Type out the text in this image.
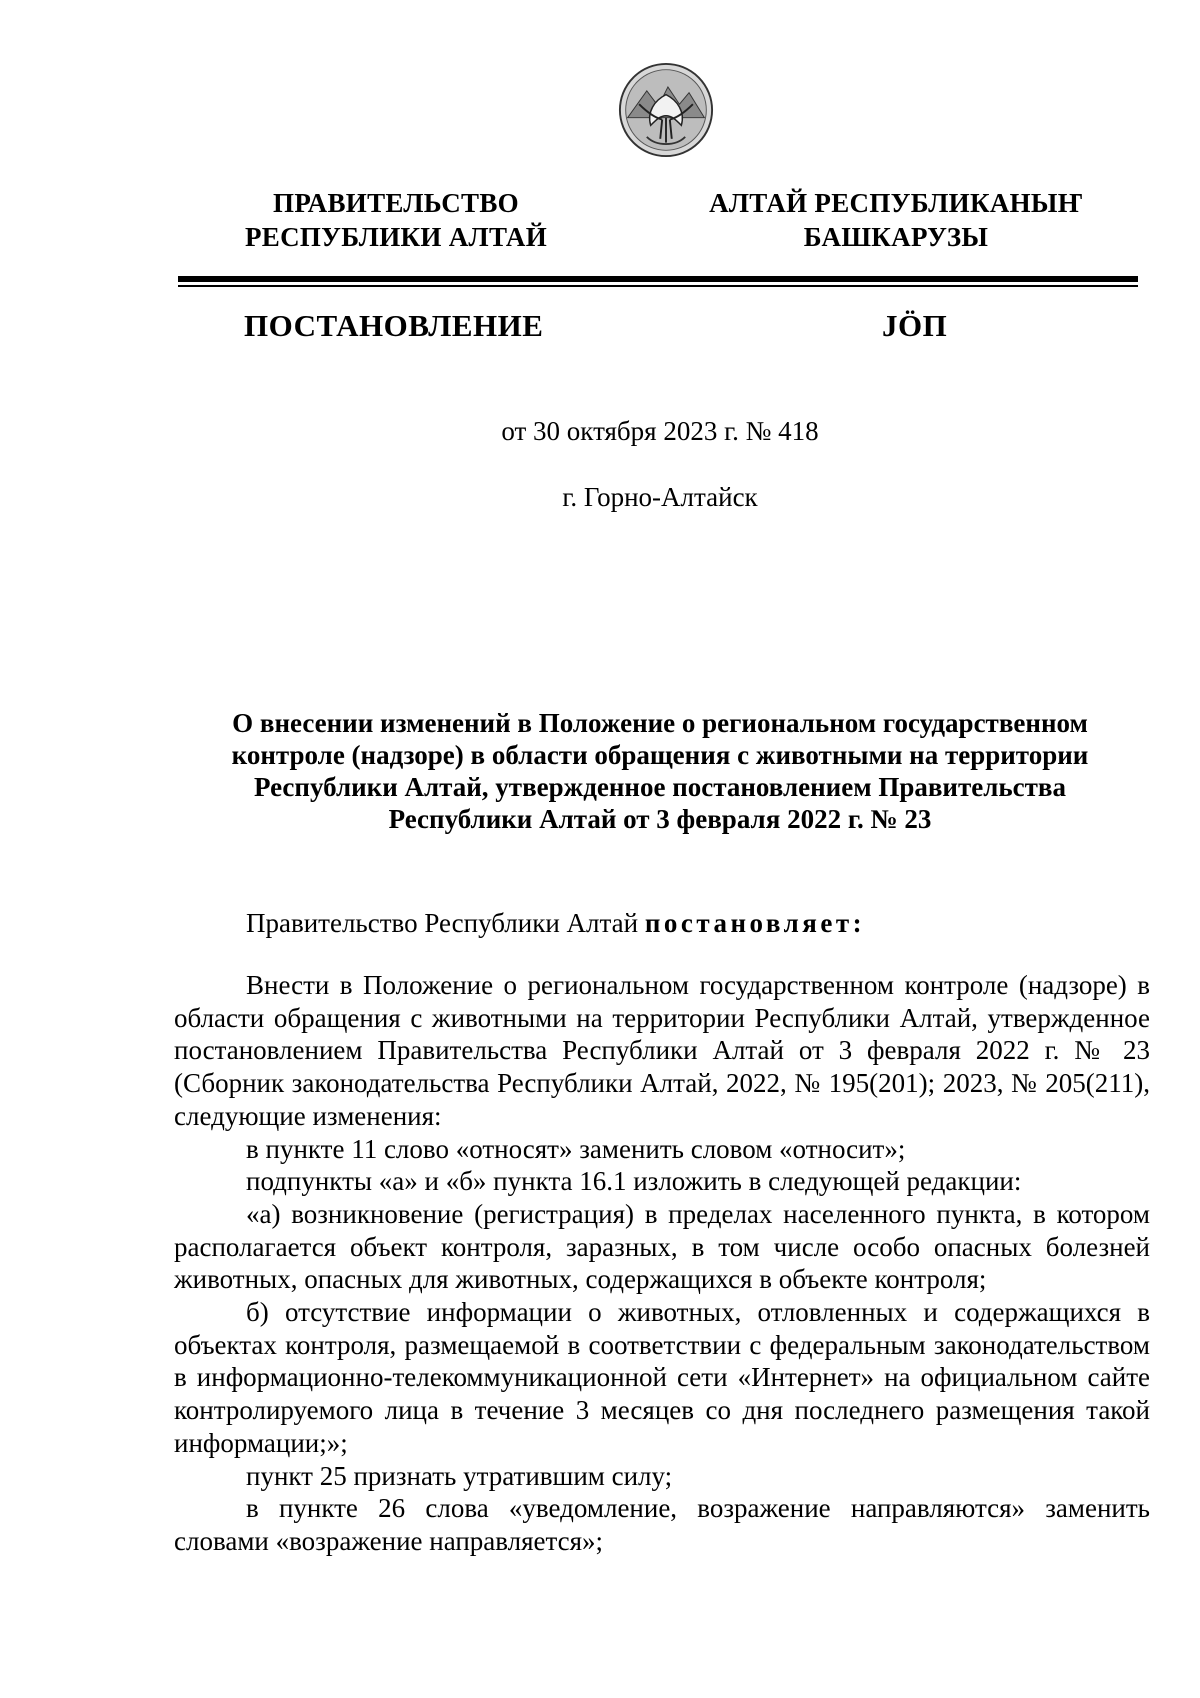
ПРАВИТЕЛЬСТВО
РЕСПУБЛИКИ АЛТАЙ
АЛТАЙ РЕСПУБЛИКАНЫҤ
БАШКАРУЗЫ
ПОСТАНОВЛЕНИЕ	JӦП
от 30 октября 2023 г. № 418
г. Горно-Алтайск
О внесении изменений в Положение о региональном государственном
контроле (надзоре) в области обращения с животными на территории
Республики Алтай, утвержденное постановлением Правительства
Республики Алтай от 3 февраля 2022 г. № 23
Правительство Республики Алтай постановляет:

Внести в Положение о региональном государственном контроле (надзоре) в области обращения с животными на территории Республики Алтай, утвержденное постановлением Правительства Республики Алтай от 3 февраля 2022 г. № 23 (Сборник законодательства Республики Алтай, 2022, № 195(201); 2023, № 205(211), следующие изменения:

в пункте 11 слово «относят» заменить словом «относит»;

подпункты «а» и «б» пункта 16.1 изложить в следующей редакции:

«а) возникновение (регистрация) в пределах населенного пункта, в котором располагается объект контроля, заразных, в том числе особо опасных болезней животных, опасных для животных, содержащихся в объекте контроля;

б) отсутствие информации о животных, отловленных и содержащихся в объектах контроля, размещаемой в соответствии с федеральным законодательством в информационно-телекоммуникационной сети «Интернет» на официальном сайте контролируемого лица в течение 3 месяцев со дня последнего размещения такой информации;»;

пункт 25 признать утратившим силу;

в пункте 26 слова «уведомление, возражение направляются» заменить словами «возражение направляется»;
